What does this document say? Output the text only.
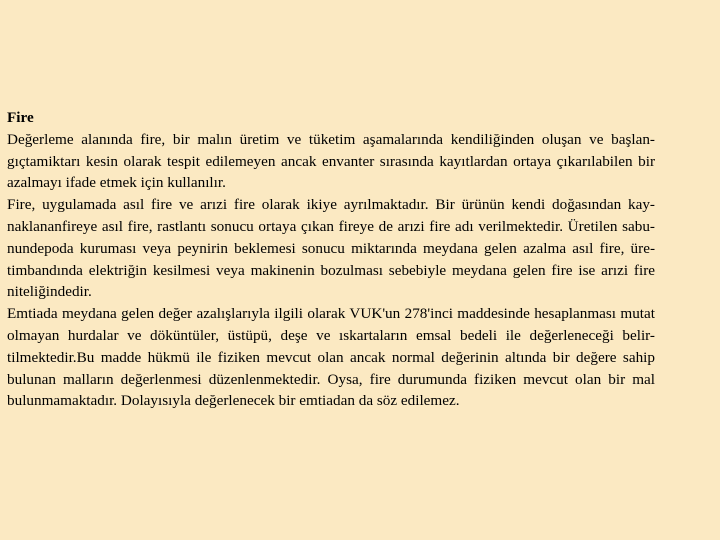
Fire

Değerleme alanında fire, bir malın üretim ve tüketim aşamalarında kendiliğinden oluşan ve başlan-gıçtamiktarı kesin olarak tespit edilemeyen ancak envanter sırasında kayıtlardan ortaya çıkarılabilen bir azalmayı ifade etmek için kullanılır.

Fire, uygulamada asıl fire ve arızi fire olarak ikiye ayrılmaktadır. Bir ürünün kendi doğasından kay-naklananfireye asıl fire, rastlantı sonucu ortaya çıkan fireye de arızi fire adı verilmektedir. Üretilen sabu-nundepoda kuruması veya peynirin beklemesi sonucu miktarında meydana gelen azalma asıl fire, üre-timbandında elektriğin kesilmesi veya makinenin bozulması sebebiyle meydana gelen fire ise arızi fire niteliğindedir.

Emtiada meydana gelen değer azalışlarıyla ilgili olarak VUK'un 278'inci maddesinde hesaplanması mutat olmayan hurdalar ve döküntüler, üstüpü, deşe ve ıskartaların emsal bedeli ile değerleneceği belir-tilmektedir.Bu madde hükmü ile fiziken mevcut olan ancak normal değerinin altında bir değere sahip bulunan malların değerlenmesi düzenlenmektedir. Oysa, fire durumunda fiziken mevcut olan bir mal bulunmamaktadır. Dolayısıyla değerlenecek bir emtiadan da söz edilemez.
